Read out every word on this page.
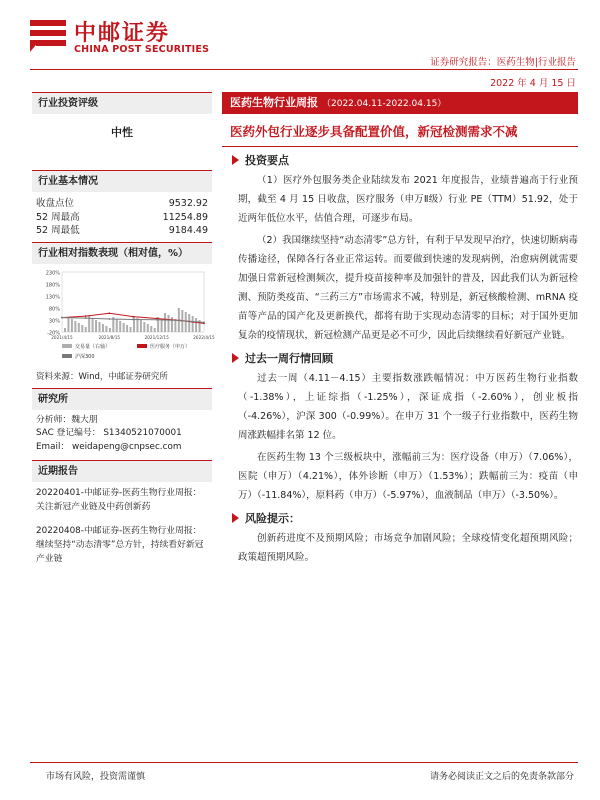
中邮证券
CHINA POST SECURITIES
证券研究报告：医药生物|行业报告
2022 年 4 月 15 日
行业投资评级
中性
行业基本情况
收盘点位	9532.92
52 周最高	11254.89
52 周最低	9184.49
行业相对指数表现（相对值，%）
230%
180%
130%
80%
30%
-20%
2021/4/15	2021/8/15	2021/12/15	2022/4/15
交易量（右轴）	医疗服务（申万）
沪深300
资料来源：Wind，中邮证券研究所
研究所
分析师：魏大朋
SAC 登记编号： S1340521070001
Email： weidapeng@cnpsec.com
近期报告
20220401-中邮证券-医药生物行业周报：关注新冠产业链及中药创新药
20220408-中邮证券-医药生物行业周报：继续坚持“动态清零”总方针，持续看好新冠产业链
医药生物行业周报 （2022.04.11-2022.04.15）
医药外包行业逐步具备配置价值，新冠检测需求不减
投资要点

（1）医疗外包服务类企业陆续发布 2021 年度报告，业绩普遍高于行业预期，截至 4 月 15 日收盘，医疗服务（申万Ⅱ级）行业 PE（TTM）51.92，处于近两年低位水平，估值合理，可逐步布局。

（2）我国继续坚持“动态清零”总方针，有利于早发现早治疗，快速切断病毒传播途径，保障各行各业正常运转。而要做到快速的发现病例，治愈病例就需要加强日常新冠检测频次，提升疫苗接种率及加强针的普及，因此我们认为新冠检测、预防类疫苗、“三药三方”市场需求不减，特别是，新冠核酸检测、mRNA 疫苗等产品的国产化及更新换代，都将有助于实现动态清零的目标；对于国外更加复杂的疫情现状，新冠检测产品更是必不可少，因此后续继续看好新冠产业链。

过去一周行情回顾

过去一周（4.11－4.15）主要指数涨跌幅情况：中万医药生物行业指数（-1.38%），上证综指（-1.25%），深证成指（-2.60%），创业板指（-4.26%），沪深 300（-0.99%）。在申万 31 个一级子行业指数中，医药生物周涨跌幅排名第 12 位。

在医药生物 13 个三级板块中，涨幅前三为：医疗设备（申万）（7.06%），医院（申万）（4.21%），体外诊断（申万）（1.53%）；跌幅前三为：疫苗（申万）（-11.84%），原料药（申万）（-5.97%），血液制品（申万）（-3.50%）。

风险提示：

创新药进度不及预期风险；市场竞争加剧风险；全球疫情变化超预期风险；政策超预期风险。

市场有风险，投资需谨慎	请务必阅读正文之后的免责条款部分
